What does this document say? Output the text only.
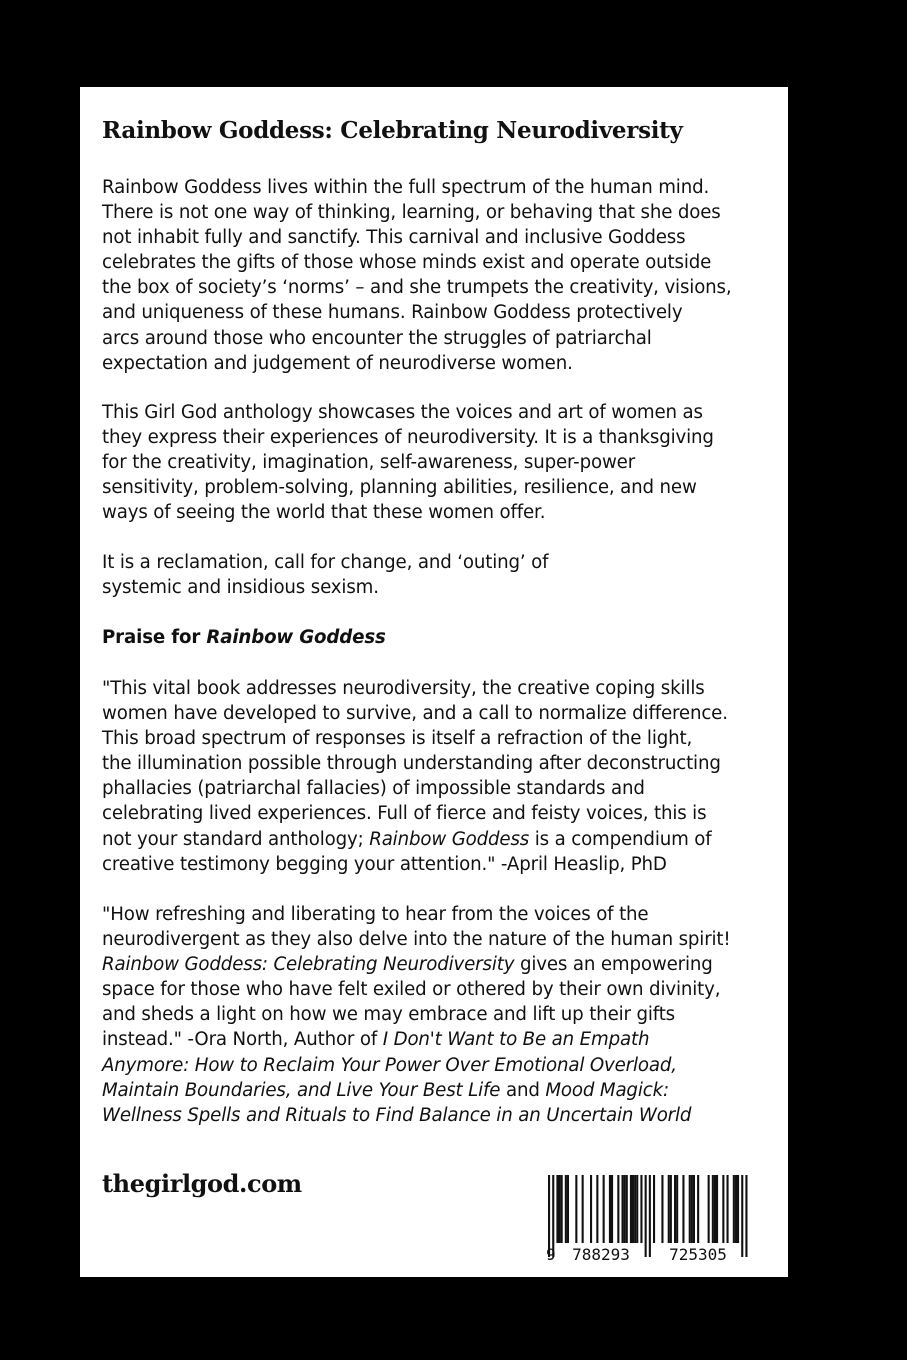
Rainbow Goddess: Celebrating Neurodiversity
Rainbow Goddess lives within the full spectrum of the human mind.
There is not one way of thinking, learning, or behaving that she does
not inhabit fully and sanctify. This carnival and inclusive Goddess
celebrates the gifts of those whose minds exist and operate outside
the box of society’s ‘norms’ – and she trumpets the creativity, visions,
and uniqueness of these humans. Rainbow Goddess protectively
arcs around those who encounter the struggles of patriarchal
expectation and judgement of neurodiverse women.
This Girl God anthology showcases the voices and art of women as
they express their experiences of neurodiversity. It is a thanksgiving
for the creativity, imagination, self-awareness, super-power
sensitivity, problem-solving, planning abilities, resilience, and new
ways of seeing the world that these women offer.
It is a reclamation, call for change, and ‘outing’ of
systemic and insidious sexism.
Praise for Rainbow Goddess
"This vital book addresses neurodiversity, the creative coping skills
women have developed to survive, and a call to normalize difference.
This broad spectrum of responses is itself a refraction of the light,
the illumination possible through understanding after deconstructing
phallacies (patriarchal fallacies) of impossible standards and
celebrating lived experiences. Full of fierce and feisty voices, this is
not your standard anthology; Rainbow Goddess is a compendium of
creative testimony begging your attention." -April Heaslip, PhD
"How refreshing and liberating to hear from the voices of the
neurodivergent as they also delve into the nature of the human spirit!
Rainbow Goddess: Celebrating Neurodiversity gives an empowering
space for those who have felt exiled or othered by their own divinity,
and sheds a light on how we may embrace and lift up their gifts
instead." -Ora North, Author of I Don't Want to Be an Empath
Anymore: How to Reclaim Your Power Over Emotional Overload,
Maintain Boundaries, and Live Your Best Life and Mood Magick:
Wellness Spells and Rituals to Find Balance in an Uncertain World
thegirlgod.com
9 788293 725305
